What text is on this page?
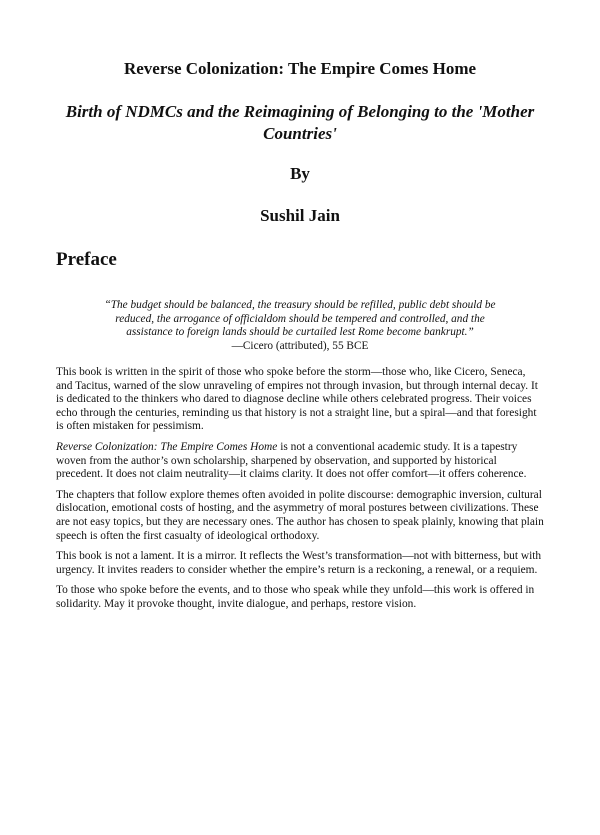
Reverse Colonization: The Empire Comes Home
Birth of NDMCs and the Reimagining of Belonging to the 'Mother Countries'
By
Sushil Jain
Preface
“The budget should be balanced, the treasury should be refilled, public debt should be reduced, the arrogance of officialdom should be tempered and controlled, and the assistance to foreign lands should be curtailed lest Rome become bankrupt.”
—Cicero (attributed), 55 BCE

This book is written in the spirit of those who spoke before the storm—those who, like Cicero, Seneca, and Tacitus, warned of the slow unraveling of empires not through invasion, but through internal decay. It is dedicated to the thinkers who dared to diagnose decline while others celebrated progress. Their voices echo through the centuries, reminding us that history is not a straight line, but a spiral—and that foresight is often mistaken for pessimism.

Reverse Colonization: The Empire Comes Home is not a conventional academic study. It is a tapestry woven from the author’s own scholarship, sharpened by observation, and supported by historical precedent. It does not claim neutrality—it claims clarity. It does not offer comfort—it offers coherence.

The chapters that follow explore themes often avoided in polite discourse: demographic inversion, cultural dislocation, emotional costs of hosting, and the asymmetry of moral postures between civilizations. These are not easy topics, but they are necessary ones. The author has chosen to speak plainly, knowing that plain speech is often the first casualty of ideological orthodoxy.

This book is not a lament. It is a mirror. It reflects the West’s transformation—not with bitterness, but with urgency. It invites readers to consider whether the empire’s return is a reckoning, a renewal, or a requiem.

To those who spoke before the events, and to those who speak while they unfold—this work is offered in solidarity. May it provoke thought, invite dialogue, and perhaps, restore vision.
